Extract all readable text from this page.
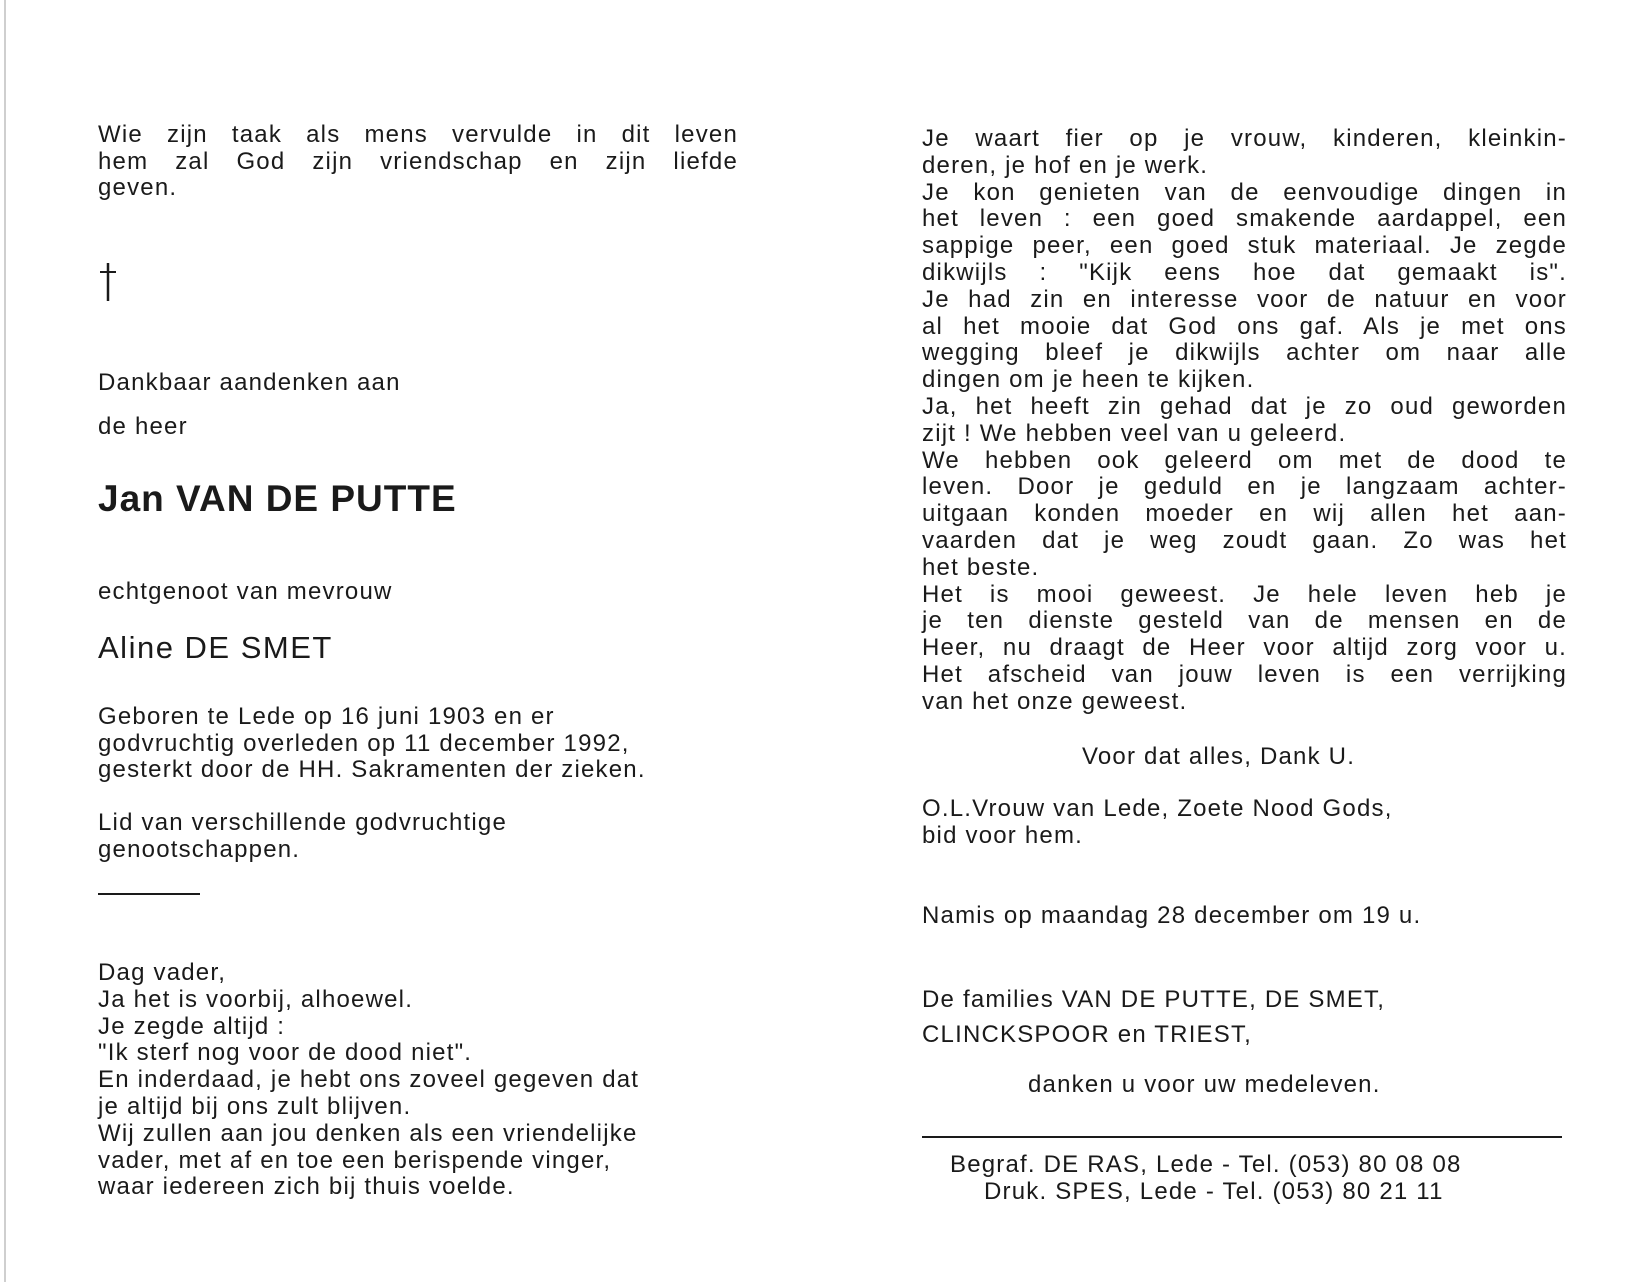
Wie zijn taak als mens vervulde in dit leven
hem zal God zijn vriendschap en zijn liefde
geven.

Dankbaar aandenken aan

de heer

Jan VAN DE PUTTE

echtgenoot van mevrouw

Aline DE SMET

Geboren te Lede op 16 juni 1903 en er
godvruchtig overleden op 11 december 1992,
gesterkt door de HH. Sakramenten der zieken.

Lid van verschillende godvruchtige
genootschappen.

Dag vader,
Ja het is voorbij, alhoewel.
Je zegde altijd :
"Ik sterf nog voor de dood niet".
En inderdaad, je hebt ons zoveel gegeven dat
je altijd bij ons zult blijven.
Wij zullen aan jou denken als een vriendelijke
vader, met af en toe een berispende vinger,
waar iedereen zich bij thuis voelde.

Je waart fier op je vrouw, kinderen, kleinkin-
deren, je hof en je werk.
Je kon genieten van de eenvoudige dingen in
het leven : een goed smakende aardappel, een
sappige peer, een goed stuk materiaal. Je zegde
dikwijls : "Kijk eens hoe dat gemaakt is".
Je had zin en interesse voor de natuur en voor
al het mooie dat God ons gaf. Als je met ons
wegging bleef je dikwijls achter om naar alle
dingen om je heen te kijken.
Ja, het heeft zin gehad dat je zo oud geworden
zijt ! We hebben veel van u geleerd.
We hebben ook geleerd om met de dood te
leven. Door je geduld en je langzaam achter-
uitgaan konden moeder en wij allen het aan-
vaarden dat je weg zoudt gaan. Zo was het
het beste.
Het is mooi geweest. Je hele leven heb je
je ten dienste gesteld van de mensen en de
Heer, nu draagt de Heer voor altijd zorg voor u.
Het afscheid van jouw leven is een verrijking
van het onze geweest.

Voor dat alles, Dank U.

O.L.Vrouw van Lede, Zoete Nood Gods,
bid voor hem.

Namis op maandag 28 december om 19 u.

De families VAN DE PUTTE, DE SMET,
CLINCKSPOOR en TRIEST,

danken u voor uw medeleven.

Begraf. DE RAS, Lede - Tel. (053) 80 08 08
Druk. SPES, Lede - Tel. (053) 80 21 11
